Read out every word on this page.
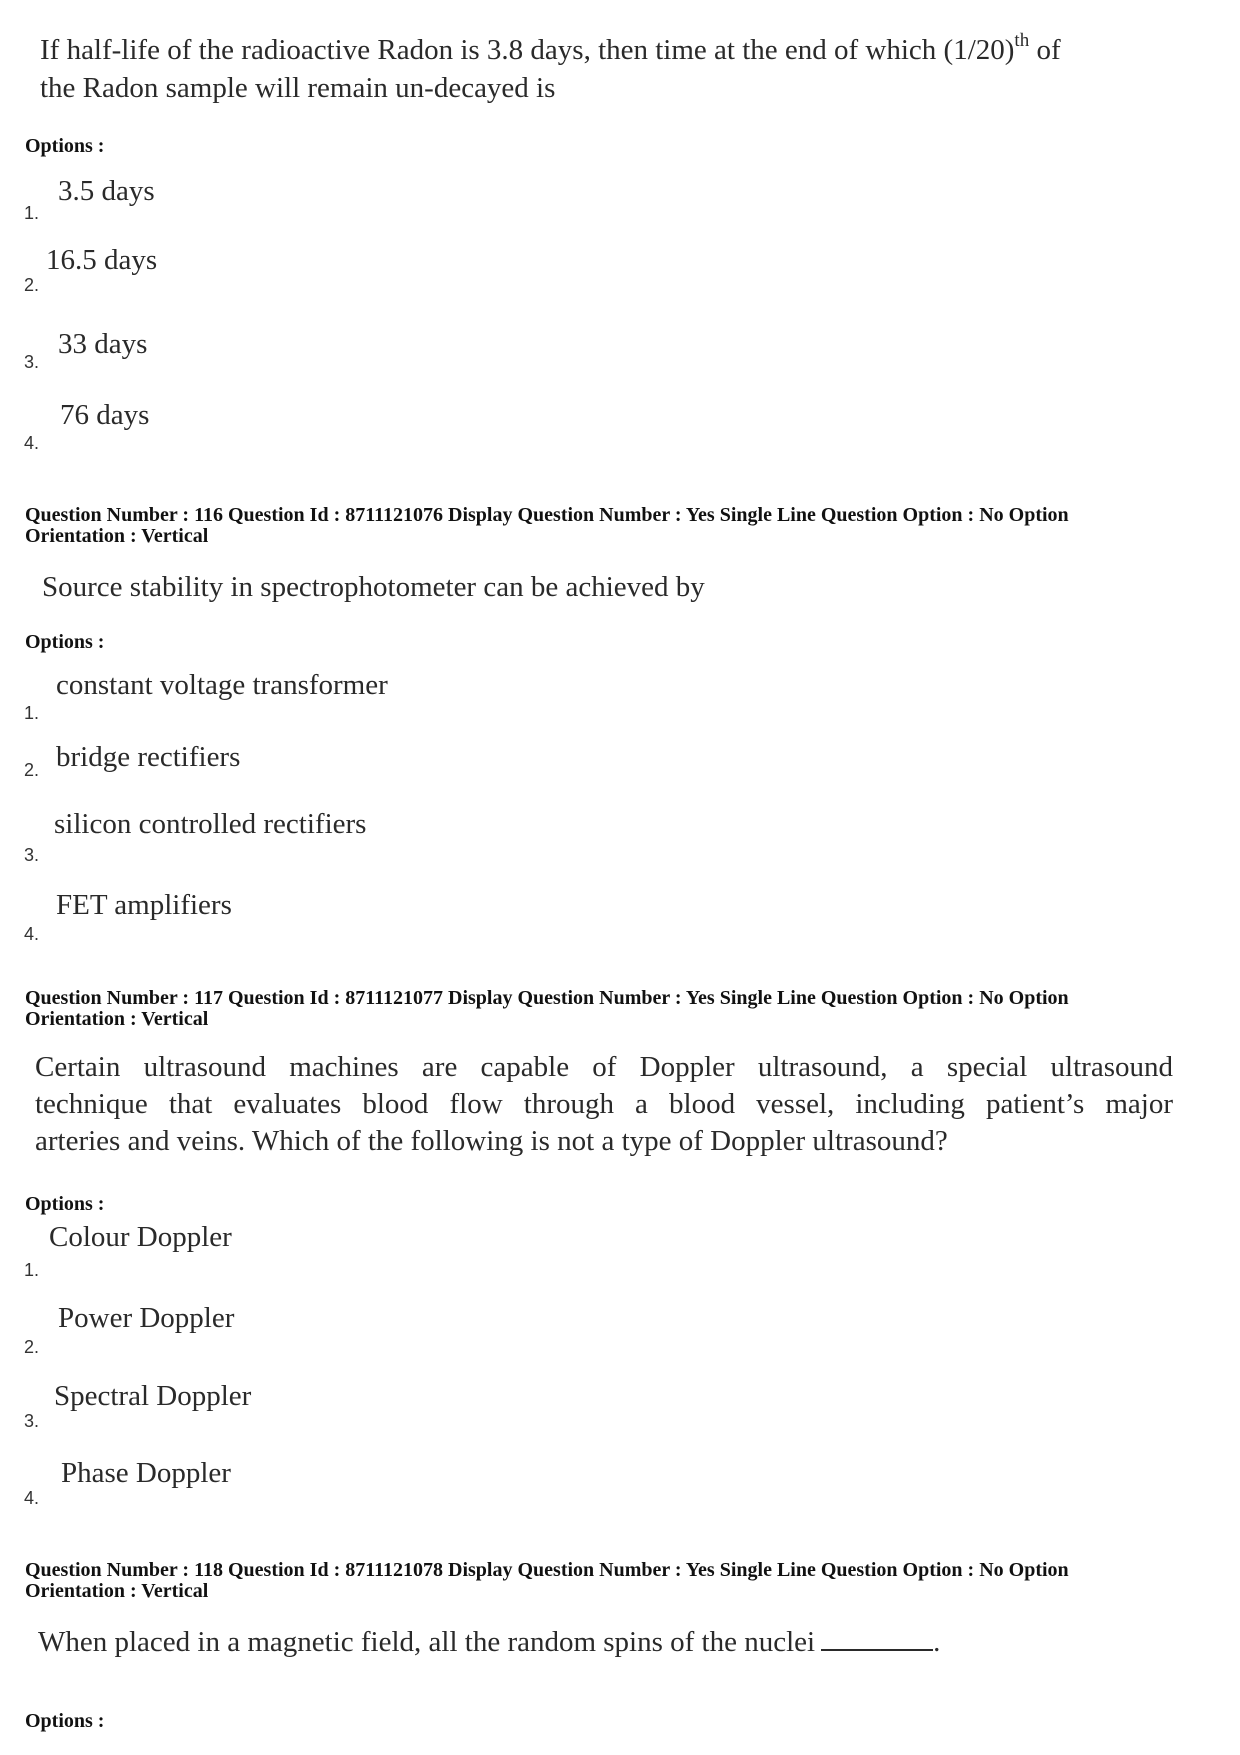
If half-life of the radioactive Radon is 3.8 days, then time at the end of which $(1/20)^{th}$ of
the Radon sample will remain un-decayed is
Options :
3.5 days
1.
16.5 days
2.
33 days
3.
76 days
4.
Question Number : 116 Question Id : 8711121076 Display Question Number : Yes Single Line Question Option : No Option
Orientation : Vertical
Source stability in spectrophotometer can be achieved by
Options :
constant voltage transformer
1.
bridge rectifiers
2.
silicon controlled rectifiers
3.
FET amplifiers
4.
Question Number : 117 Question Id : 8711121077 Display Question Number : Yes Single Line Question Option : No Option
Orientation : Vertical
Certain ultrasound machines are capable of Doppler ultrasound, a special ultrasound
technique that evaluates blood flow through a blood vessel, including patient’s major
arteries and veins. Which of the following is not a type of Doppler ultrasound?
Options :
Colour Doppler
1.
Power Doppler
2.
Spectral Doppler
3.
Phase Doppler
4.
Question Number : 118 Question Id : 8711121078 Display Question Number : Yes Single Line Question Option : No Option
Orientation : Vertical
When placed in a magnetic field, all the random spins of the nuclei	.
Options :
